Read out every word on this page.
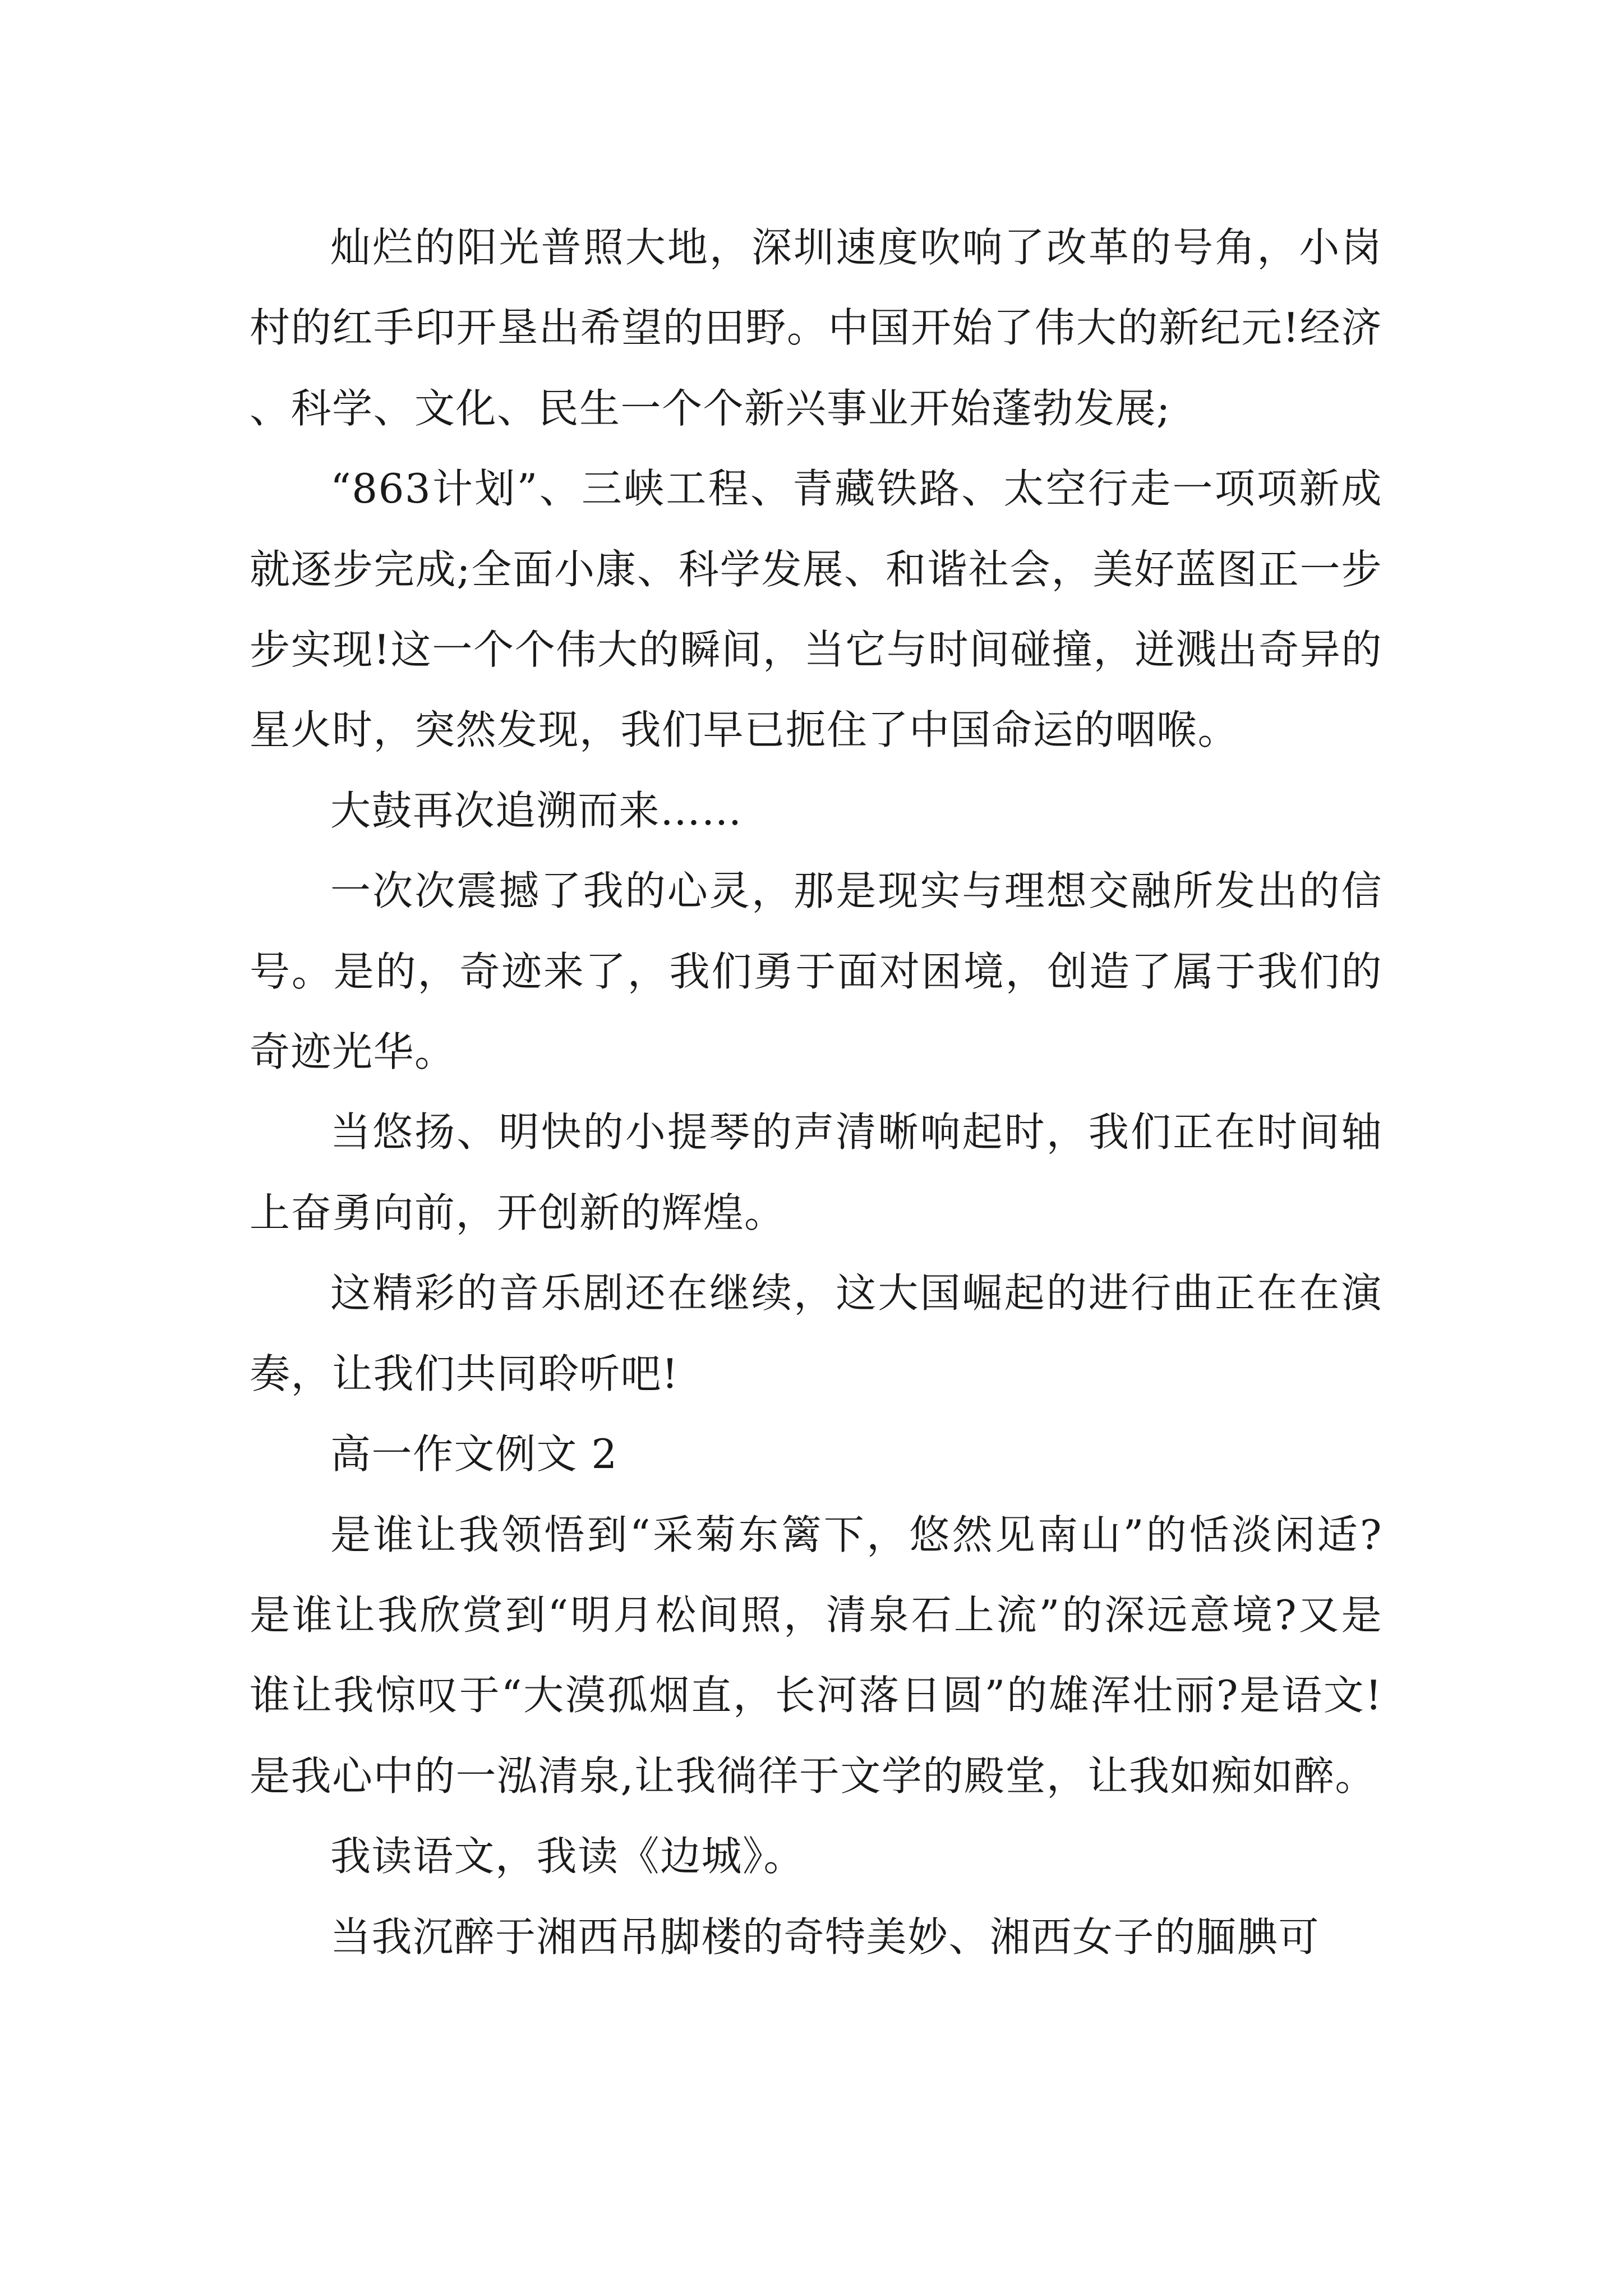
灿烂的阳光普照大地，深圳速度吹响了改革的号角，小岗村的红手印开垦出希望的田野。中国开始了伟大的新纪元!经济、科学、文化、民生一个个新兴事业开始蓬勃发展;

“863计划”、三峡工程、青藏铁路、太空行走一项项新成就逐步完成;全面小康、科学发展、和谐社会，美好蓝图正一步步实现!这一个个伟大的瞬间，当它与时间碰撞，迸溅出奇异的星火时，突然发现，我们早已扼住了中国命运的咽喉。

大鼓再次追溯而来……

一次次震撼了我的心灵，那是现实与理想交融所发出的信号。是的，奇迹来了，我们勇于面对困境，创造了属于我们的奇迹光华。

当悠扬、明快的小提琴的声清晰响起时，我们正在时间轴上奋勇向前，开创新的辉煌。

这精彩的音乐剧还在继续，这大国崛起的进行曲正在在演奏，让我们共同聆听吧!

高一作文例文 2

是谁让我领悟到“采菊东篱下，悠然见南山”的恬淡闲适?是谁让我欣赏到“明月松间照，清泉石上流”的深远意境?又是谁让我惊叹于“大漠孤烟直，长河落日圆”的雄浑壮丽?是语文!是我心中的一泓清泉,让我徜徉于文学的殿堂，让我如痴如醉。

我读语文，我读《边城》。

当我沉醉于湘西吊脚楼的奇特美妙、湘西女子的腼腆可
